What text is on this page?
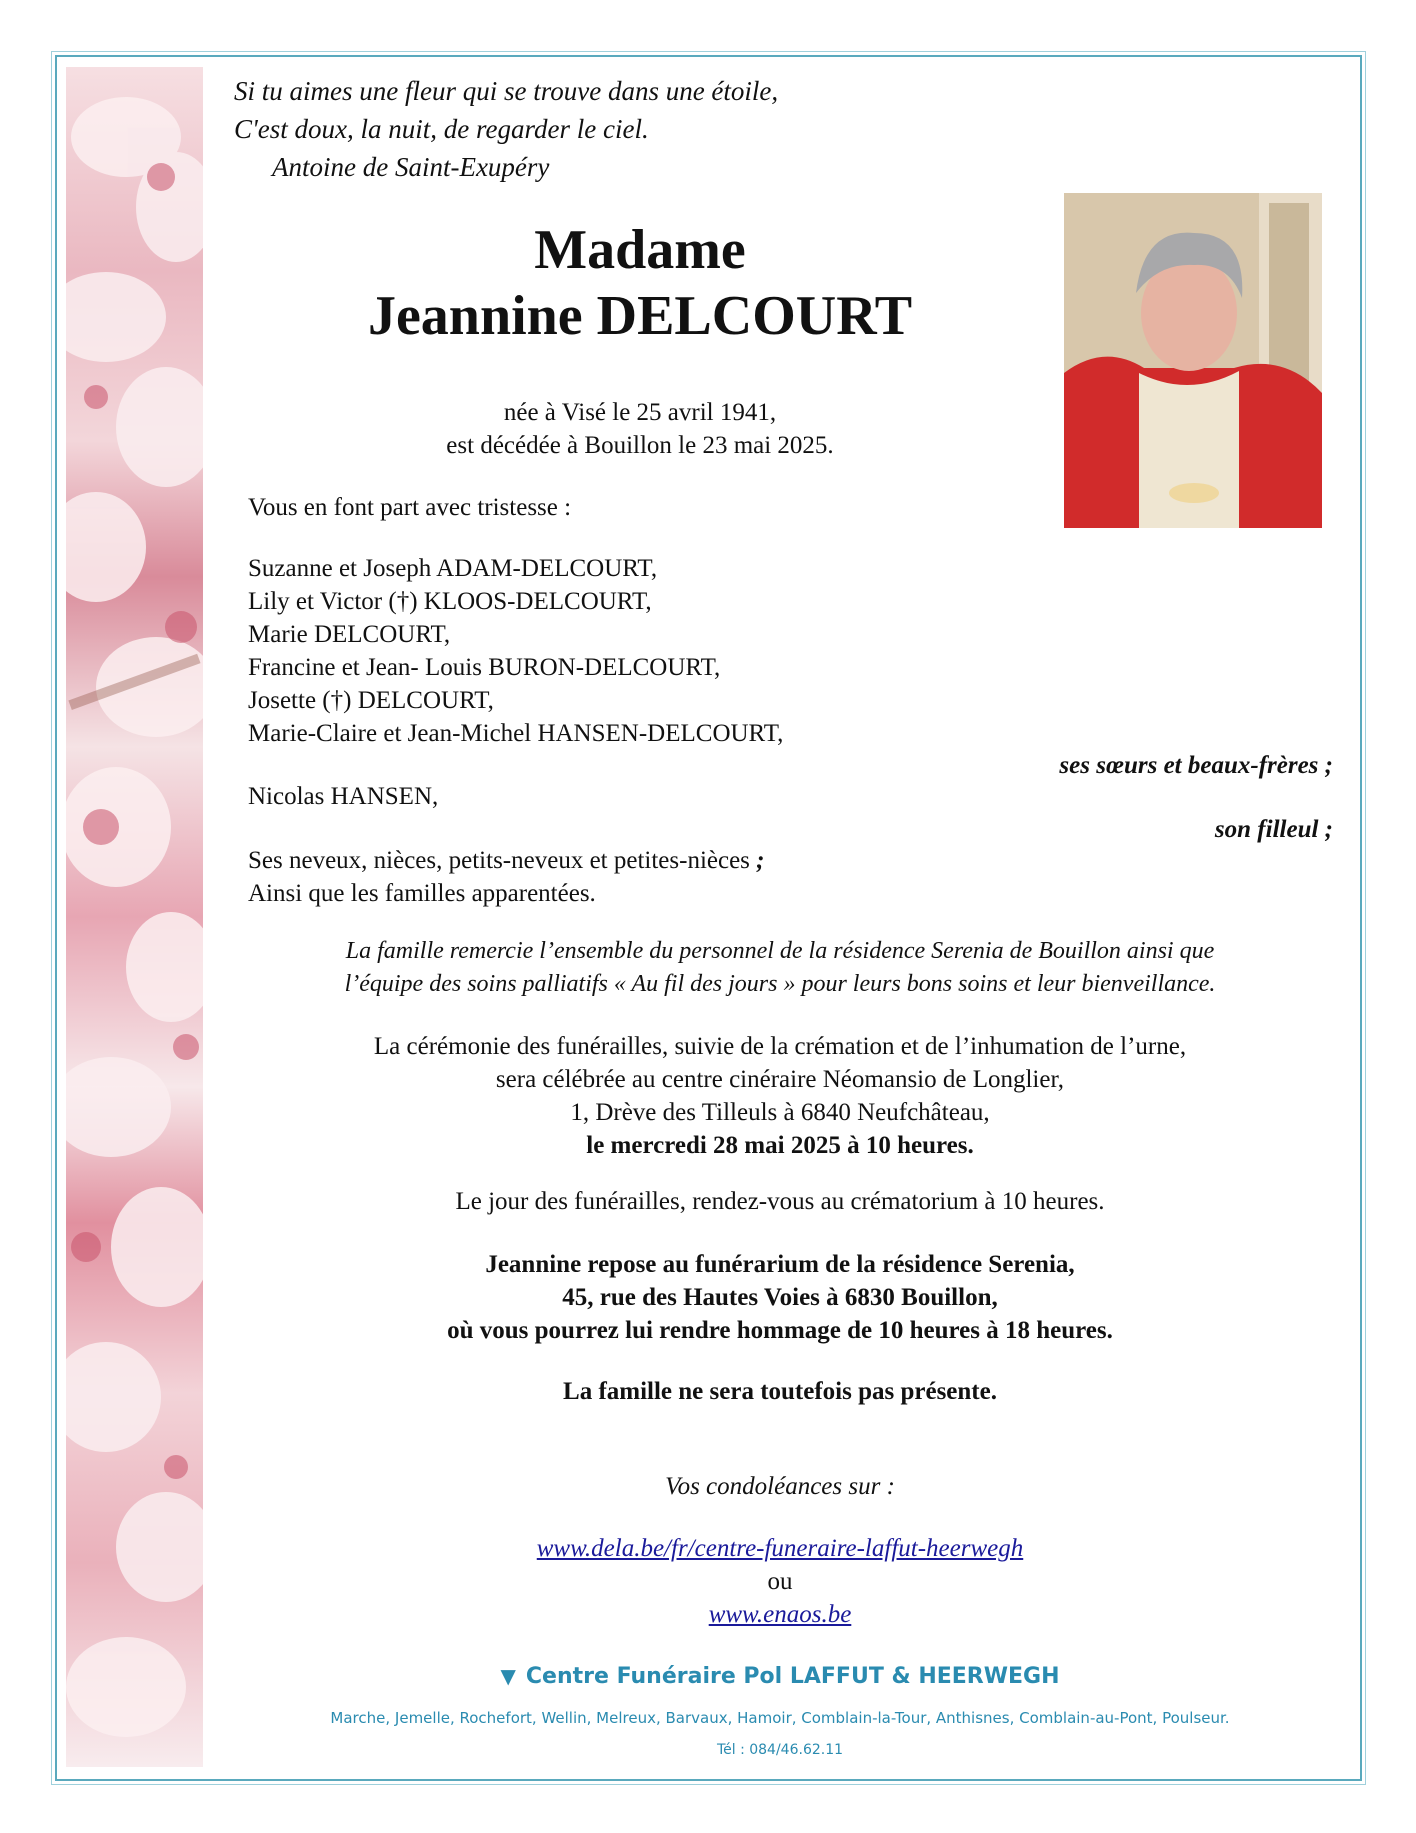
Si tu aimes une fleur qui se trouve dans une étoile,
C'est doux, la nuit, de regarder le ciel.
Antoine de Saint-Exupéry
Madame
Jeannine DELCOURT
née à Visé le 25 avril 1941,
est décédée à Bouillon le 23 mai 2025.
Vous en font part avec tristesse :
Suzanne et Joseph ADAM-DELCOURT,
Lily et Victor (†) KLOOS-DELCOURT,
Marie DELCOURT,
Francine et Jean- Louis BURON-DELCOURT,
Josette (†) DELCOURT,
Marie-Claire et Jean-Michel HANSEN-DELCOURT,
ses sœurs et beaux-frères ;
Nicolas HANSEN,
son filleul ;
Ses neveux, nièces, petits-neveux et petites-nièces ;
Ainsi que les familles apparentées.
La famille remercie l’ensemble du personnel de la résidence Serenia de Bouillon ainsi que
l’équipe des soins palliatifs « Au fil des jours » pour leurs bons soins et leur bienveillance.
La cérémonie des funérailles, suivie de la crémation et de l’inhumation de l’urne,
sera célébrée au centre cinéraire Néomansio de Longlier,
1, Drève des Tilleuls à 6840 Neufchâteau,
le mercredi 28 mai 2025 à 10 heures.
Le jour des funérailles, rendez-vous au crématorium à 10 heures.
Jeannine repose au funérarium de la résidence Serenia,
45, rue des Hautes Voies à 6830 Bouillon,
où vous pourrez lui rendre hommage de 10 heures à 18 heures.
La famille ne sera toutefois pas présente.
Vos condoléances sur :
www.dela.be/fr/centre-funeraire-laffut-heerwegh
ou
www.enaos.be
▼ Centre Funéraire Pol LAFFUT & HEERWEGH
Marche, Jemelle, Rochefort, Wellin, Melreux, Barvaux, Hamoir, Comblain-la-Tour, Anthisnes, Comblain-au-Pont, Poulseur.
Tél : 084/46.62.11
